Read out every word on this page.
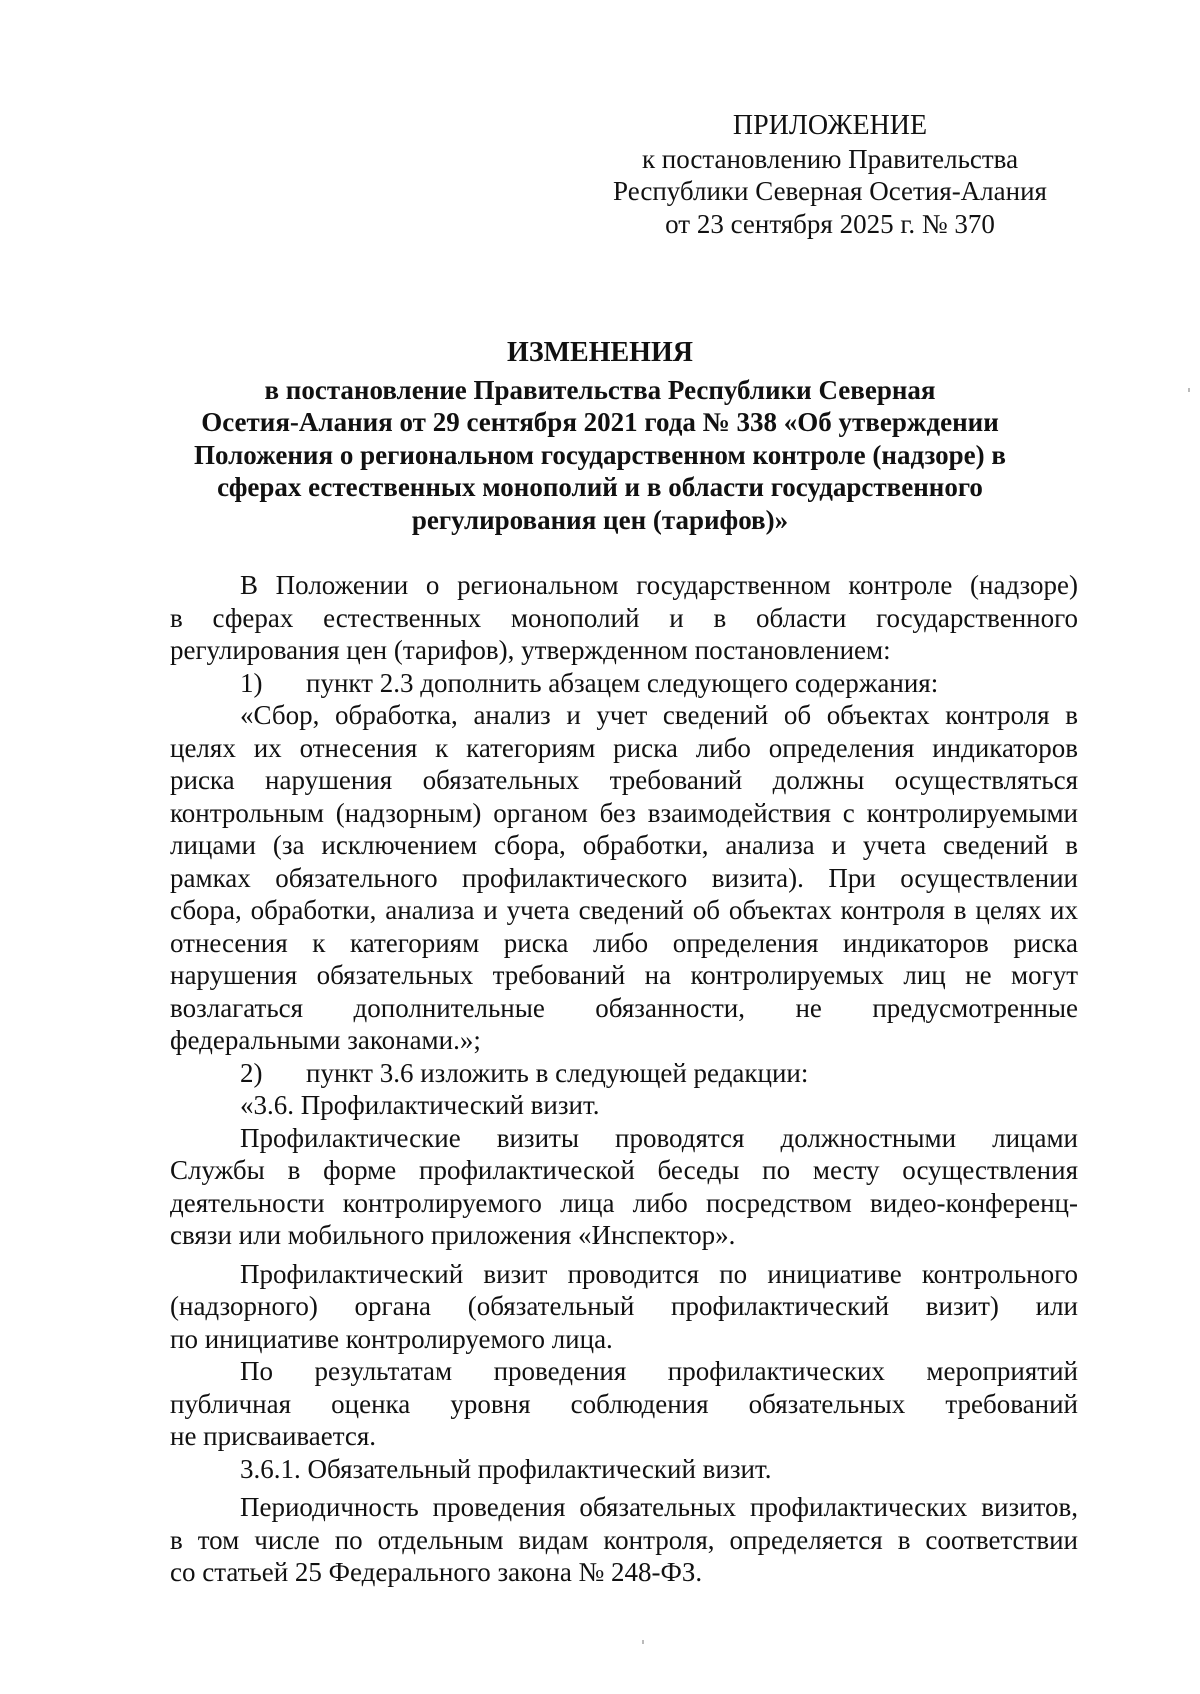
ПРИЛОЖЕНИЕ
к постановлению Правительства
Республики Северная Осетия-Алания
от 23 сентября 2025 г. № 370
ИЗМЕНЕНИЯ
в постановление Правительства Республики Северная
Осетия-Алания от 29 сентября 2021 года № 338 «Об утверждении
Положения о региональном государственном контроле (надзоре) в
сферах естественных монополий и в области государственного
регулирования цен (тарифов)»

В Положении о региональном государственном контроле (надзоре)

в сферах естественных монополий и в области государственного

регулирования цен (тарифов), утвержденном постановлением:

1)	пункт 2.3 дополнить абзацем следующего содержания:

«Сбор, обработка, анализ и учет сведений об объектах контроля в

целях их отнесения к категориям риска либо определения индикаторов

риска нарушения обязательных требований должны осуществляться

контрольным (надзорным) органом без взаимодействия с контролируемыми

лицами (за исключением сбора, обработки, анализа и учета сведений в

рамках обязательного профилактического визита). При осуществлении

сбора, обработки, анализа и учета сведений об объектах контроля в целях их

отнесения к категориям риска либо определения индикаторов риска

нарушения обязательных требований на контролируемых лиц не могут

возлагаться дополнительные обязанности, не предусмотренные

федеральными законами.»;

2)	пункт 3.6 изложить в следующей редакции:

«3.6. Профилактический визит.

Профилактические визиты проводятся должностными лицами

Службы в форме профилактической беседы по месту осуществления

деятельности контролируемого лица либо посредством видео-конференц-

связи или мобильного приложения «Инспектор».

Профилактический визит проводится по инициативе контрольного

(надзорного) органа (обязательный профилактический визит) или

по инициативе контролируемого лица.

По результатам проведения профилактических мероприятий

публичная оценка уровня соблюдения обязательных требований

не присваивается.

3.6.1. Обязательный профилактический визит.

Периодичность проведения обязательных профилактических визитов,

в том числе по отдельным видам контроля, определяется в соответствии

со статьей 25 Федерального закона № 248-ФЗ.
